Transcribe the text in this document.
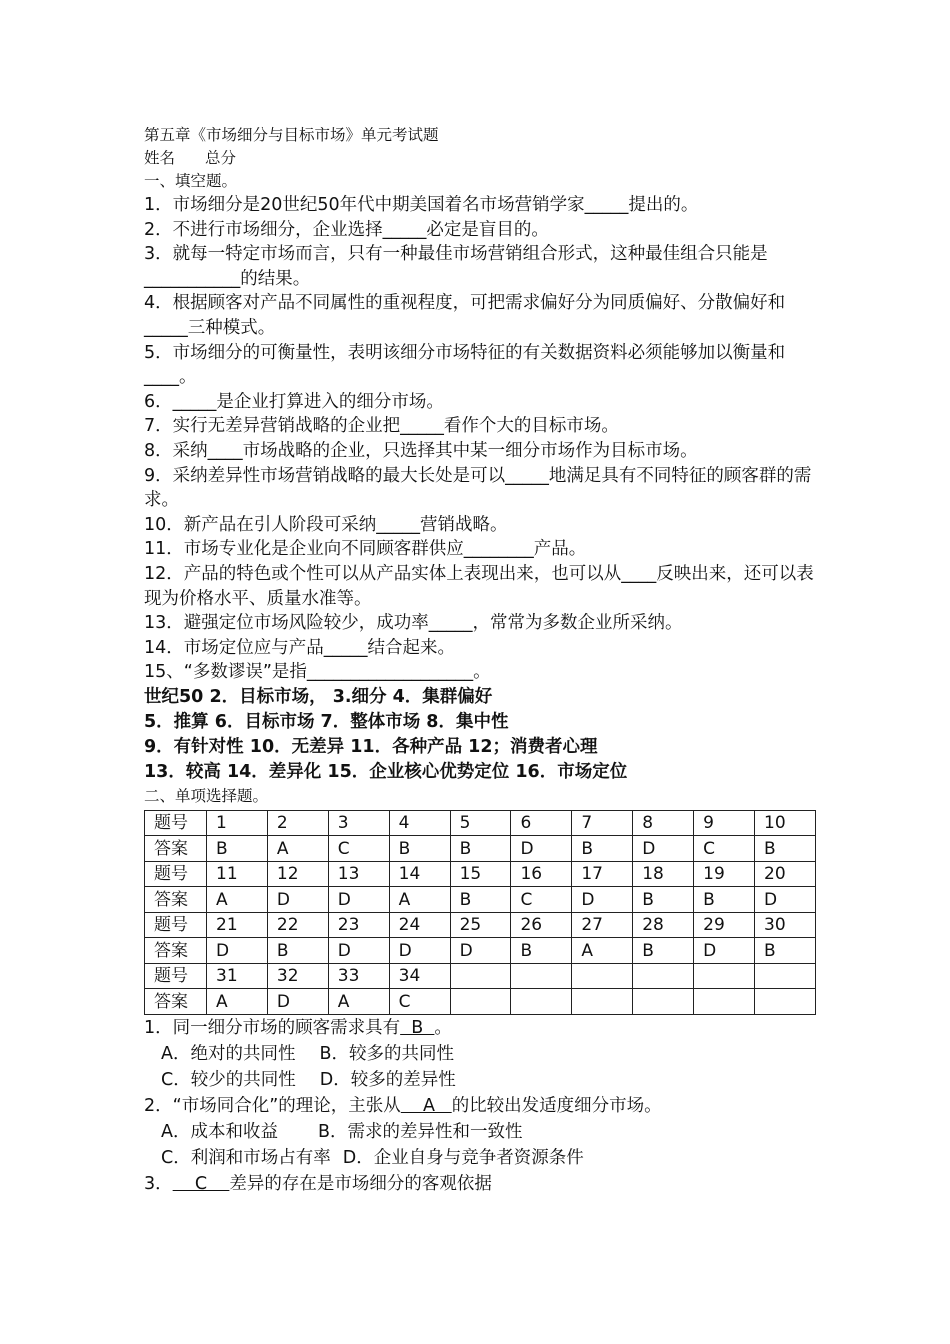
第五章《市场细分与目标市场》单元考试题
姓名 总分
一、填空题。
1．市场细分是20世纪50年代中期美国着名市场营销学家_____提出的。
2．不进行市场细分，企业选择_____必定是盲目的。
3．就每一特定市场而言，只有一种最佳市场营销组合形式，这种最佳组合只能是___________的结果。
4．根据顾客对产品不同属性的重视程度，可把需求偏好分为同质偏好、分散偏好和_____三种模式。
5．市场细分的可衡量性，表明该细分市场特征的有关数据资料必须能够加以衡量和____。
6．_____是企业打算进入的细分市场。
7．实行无差异营销战略的企业把_____看作个大的目标市场。
8．采纳____市场战略的企业，只选择其中某一细分市场作为目标市场。
9．采纳差异性市场营销战略的最大长处是可以_____地满足具有不同特征的顾客群的需求。
10．新产品在引人阶段可采纳_____营销战略。
11．市场专业化是企业向不同顾客群供应________产品。
12．产品的特色或个性可以从产品实体上表现出来，也可以从____反映出来，还可以表现为价格水平、质量水准等。
13．避强定位市场风险较少，成功率_____，常常为多数企业所采纳。
14．市场定位应与产品_____结合起来。
15、“多数谬误”是指___________________。
世纪50 2．目标市场， 3.细分 4．集群偏好
5．推算 6．目标市场 7．整体市场 8．集中性
9．有针对性 10．无差异 11．各种产品 12；消费者心理
13．较高 14．差异化 15．企业核心优势定位 16．市场定位
二、单项选择题。
题号	1	2	3	4	5	6	7	8	9	10
答案	B	A	C	B	B	D	B	D	C	B
题号	11	12	13	14	15	16	17	18	19	20
答案	A	D	D	A	B	C	D	B	B	D
题号	21	22	23	24	25	26	27	28	29	30
答案	D	B	D	D	D	B	A	B	D	B
题号	31	32	33	34						
答案	A	D	A	C						
1．同一细分市场的顾客需求具有  B  。
A．绝对的共同性 B．较多的共同性
C．较少的共同性 D．较多的差异性
2．“市场同合化”的理论，主张从    A   的比较出发适度细分市场。
A．成本和收益 B．需求的差异性和一致性
C．利润和市场占有率 D．企业自身与竞争者资源条件
3．    C    差异的存在是市场细分的客观依据
